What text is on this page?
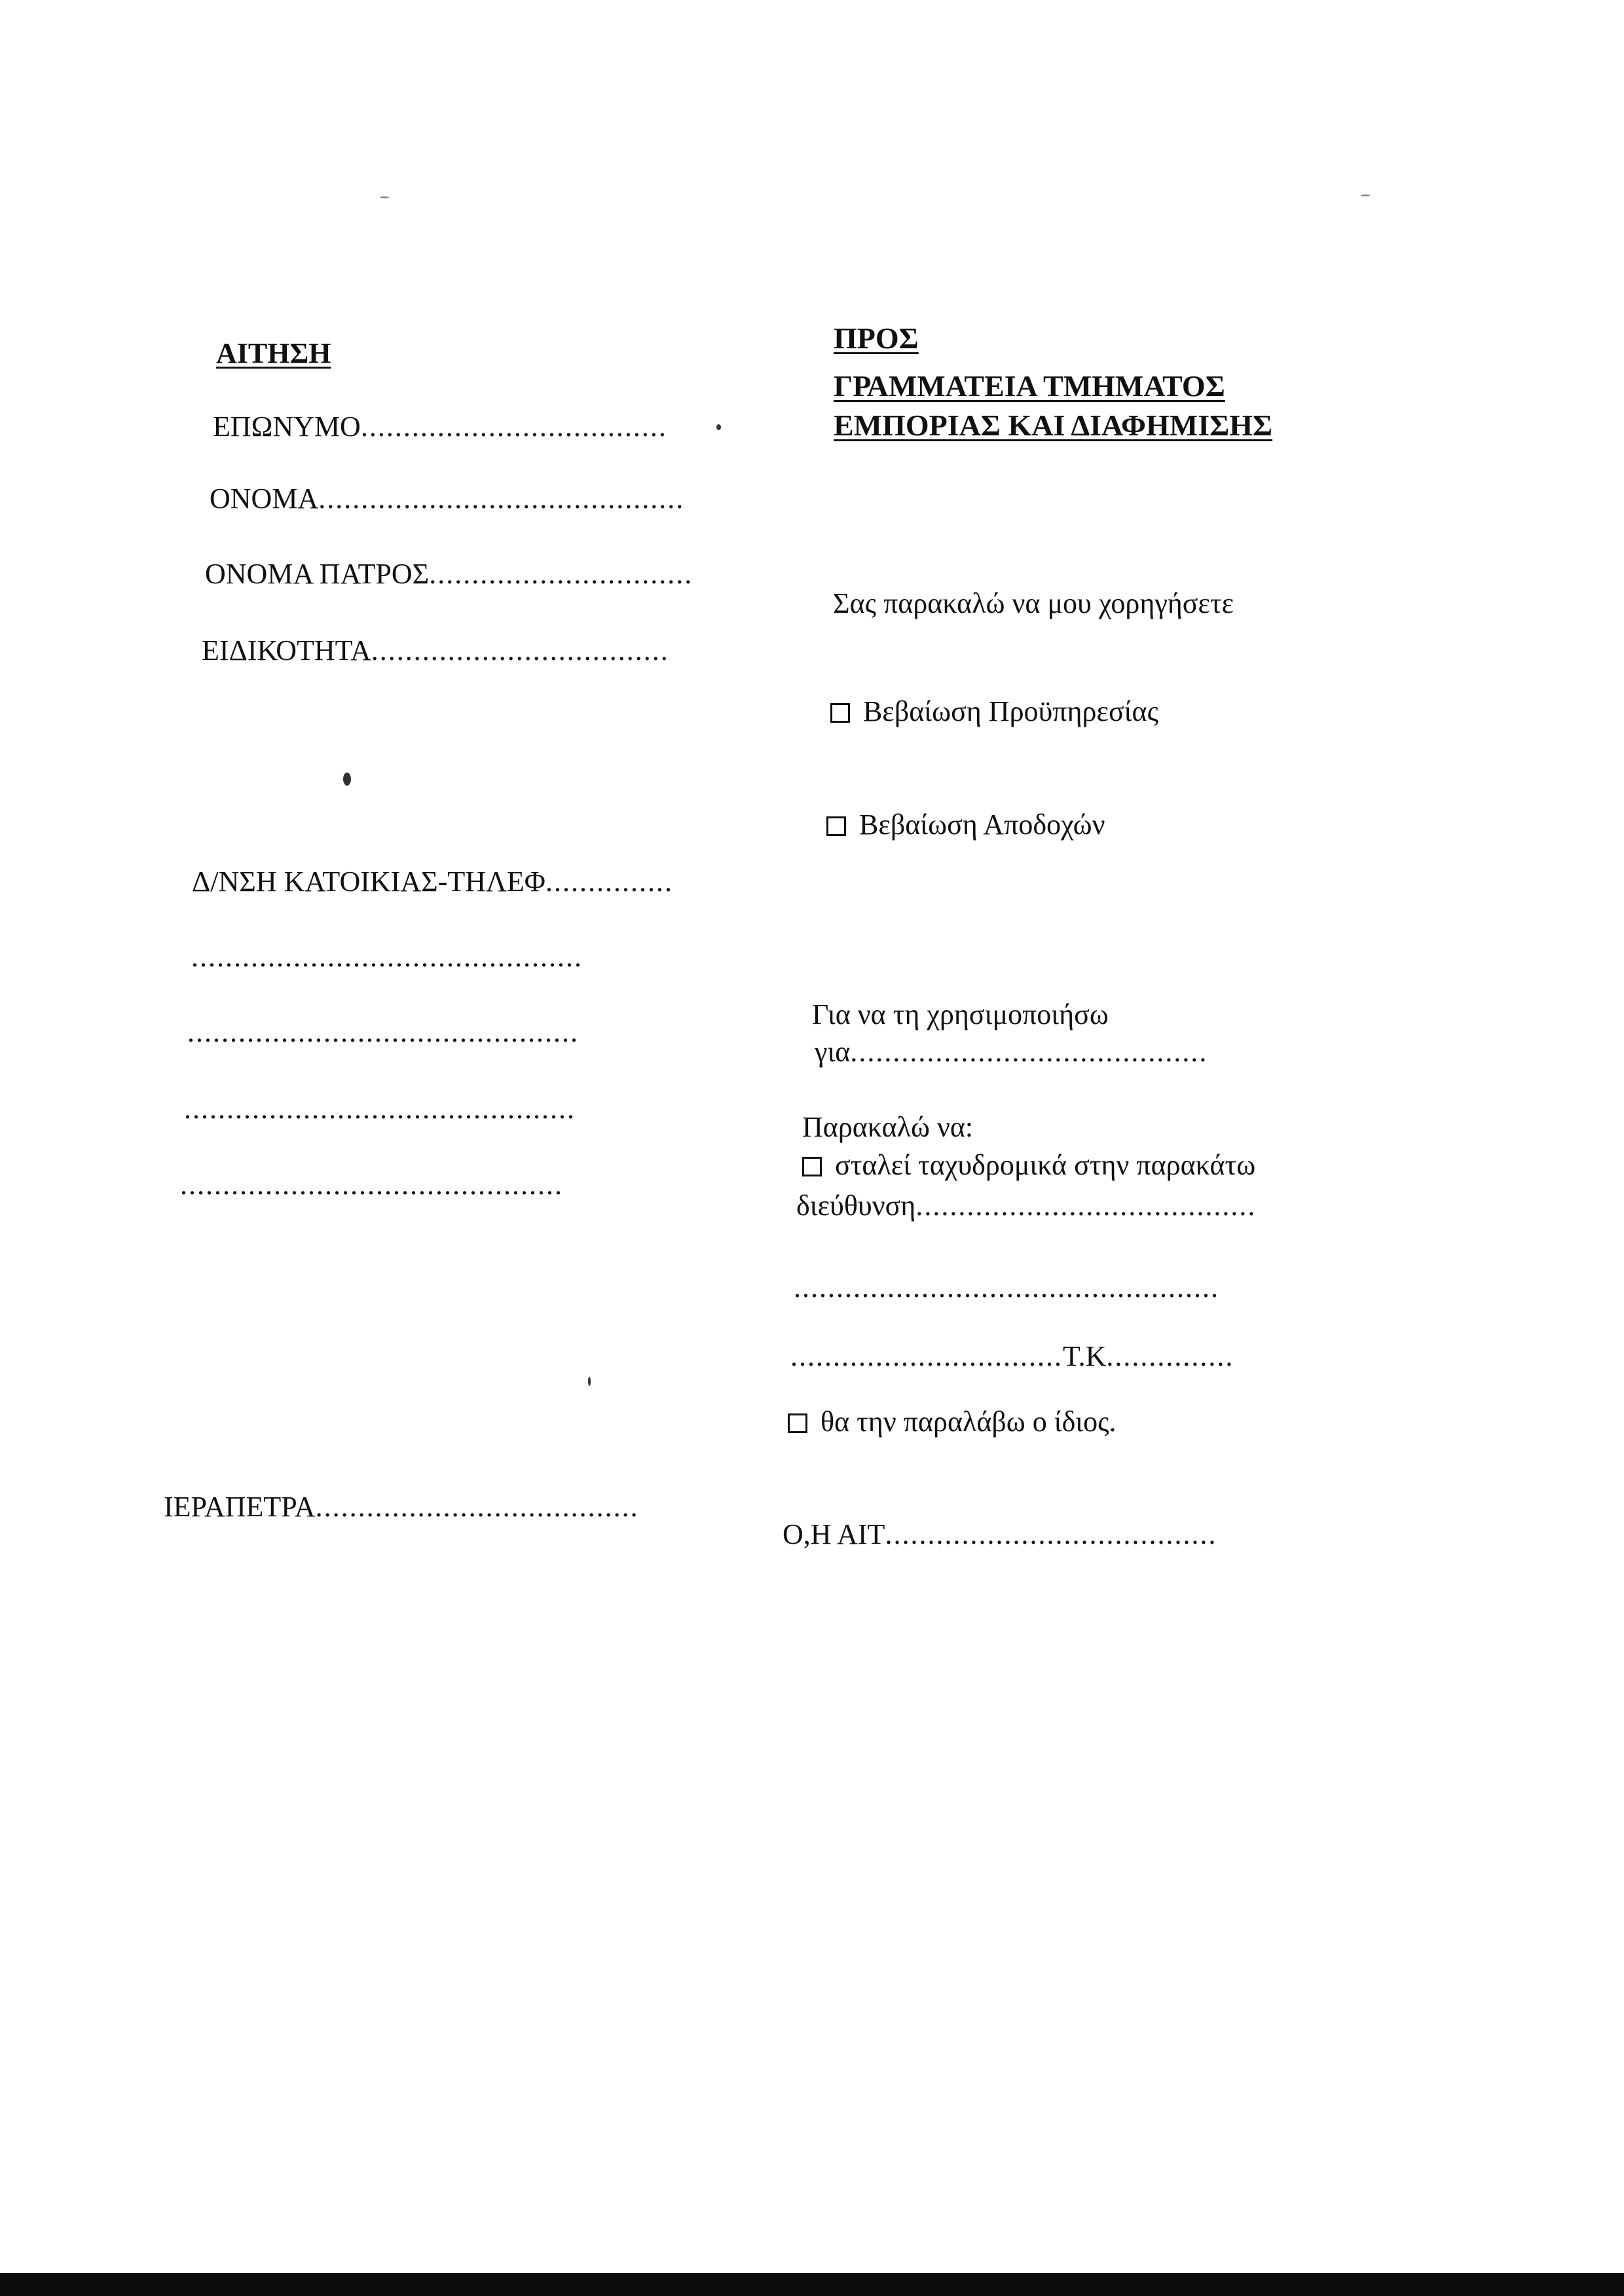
ΑΙΤΗΣΗ
ΕΠΩΝΥΜΟ....................................
ΟΝΟΜΑ...........................................
ΟΝΟΜΑ ΠΑΤΡΟΣ...............................
ΕΙΔΙΚΟΤΗΤΑ...................................
Δ/ΝΣΗ ΚΑΤΟΙΚΙΑΣ-ΤΗΛΕΦ...............
..............................................
..............................................
..............................................
.............................................
ΙΕΡΑΠΕΤΡΑ......................................
ΠΡΟΣ
ΓΡΑΜΜΑΤΕΙΑ ΤΜΗΜΑΤΟΣ
ΕΜΠΟΡΙΑΣ ΚΑΙ ΔΙΑΦΗΜΙΣΗΣ
Σας παρακαλώ να μου χορηγήσετε
Βεβαίωση Προϋπηρεσίας
Βεβαίωση Αποδοχών
Για να τη χρησιμοποιήσω
για..........................................
Παρακαλώ να:
σταλεί ταχυδρομικά στην παρακάτω
διεύθυνση........................................
..................................................
................................Τ.Κ...............
θα την παραλάβω ο ίδιος.
Ο,Η ΑΙΤ.......................................
